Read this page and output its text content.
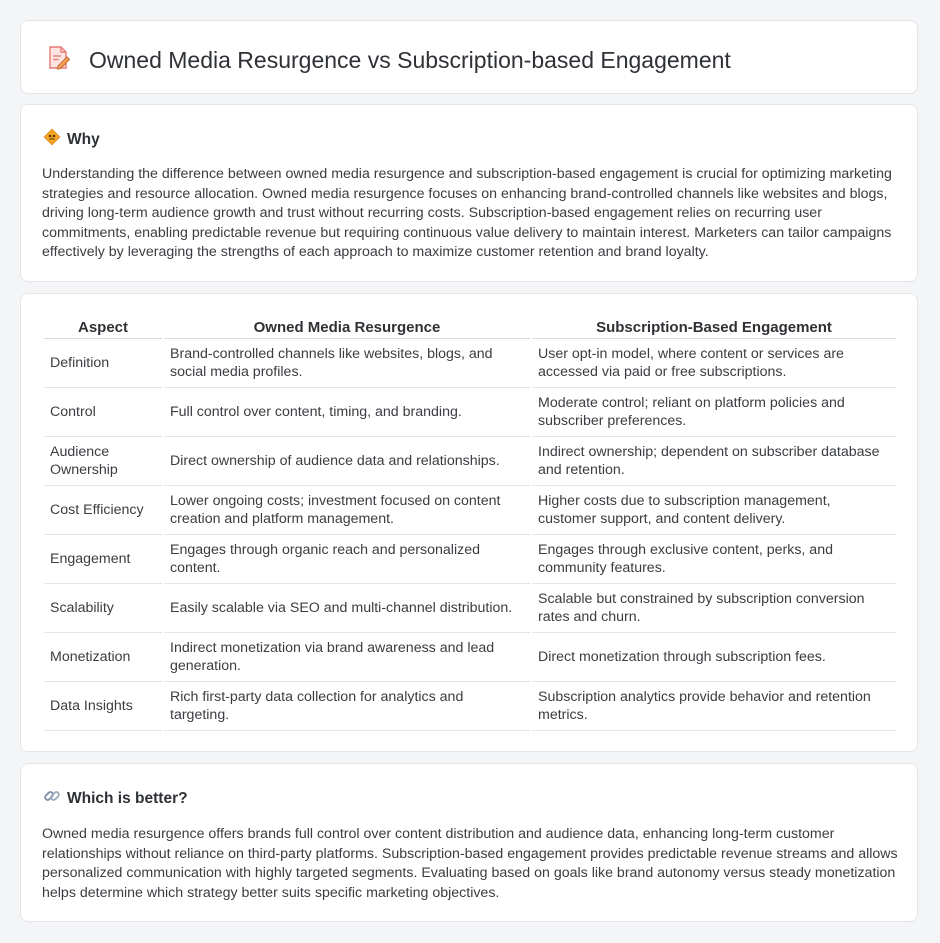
Owned Media Resurgence vs Subscription-based Engagement
Why

Understanding the difference between owned media resurgence and subscription-based engagement is crucial for optimizing marketing strategies and resource allocation. Owned media resurgence focuses on enhancing brand-controlled channels like websites and blogs, driving long-term audience growth and trust without recurring costs. Subscription-based engagement relies on recurring user commitments, enabling predictable revenue but requiring continuous value delivery to maintain interest. Marketers can tailor campaigns effectively by leveraging the strengths of each approach to maximize customer retention and brand loyalty.

Aspect	Owned Media Resurgence	Subscription-Based Engagement
Definition	Brand-controlled channels like websites, blogs, and social media profiles.	User opt-in model, where content or services are accessed via paid or free subscriptions.
Control	Full control over content, timing, and branding.	Moderate control; reliant on platform policies and subscriber preferences.
Audience Ownership	Direct ownership of audience data and relationships.	Indirect ownership; dependent on subscriber database and retention.
Cost Efficiency	Lower ongoing costs; investment focused on content creation and platform management.	Higher costs due to subscription management, customer support, and content delivery.
Engagement	Engages through organic reach and personalized content.	Engages through exclusive content, perks, and community features.
Scalability	Easily scalable via SEO and multi-channel distribution.	Scalable but constrained by subscription conversion rates and churn.
Monetization	Indirect monetization via brand awareness and lead generation.	Direct monetization through subscription fees.
Data Insights	Rich first-party data collection for analytics and targeting.	Subscription analytics provide behavior and retention metrics.
Which is better?

Owned media resurgence offers brands full control over content distribution and audience data, enhancing long-term customer relationships without reliance on third-party platforms. Subscription-based engagement provides predictable revenue streams and allows personalized communication with highly targeted segments. Evaluating based on goals like brand autonomy versus steady monetization helps determine which strategy better suits specific marketing objectives.
